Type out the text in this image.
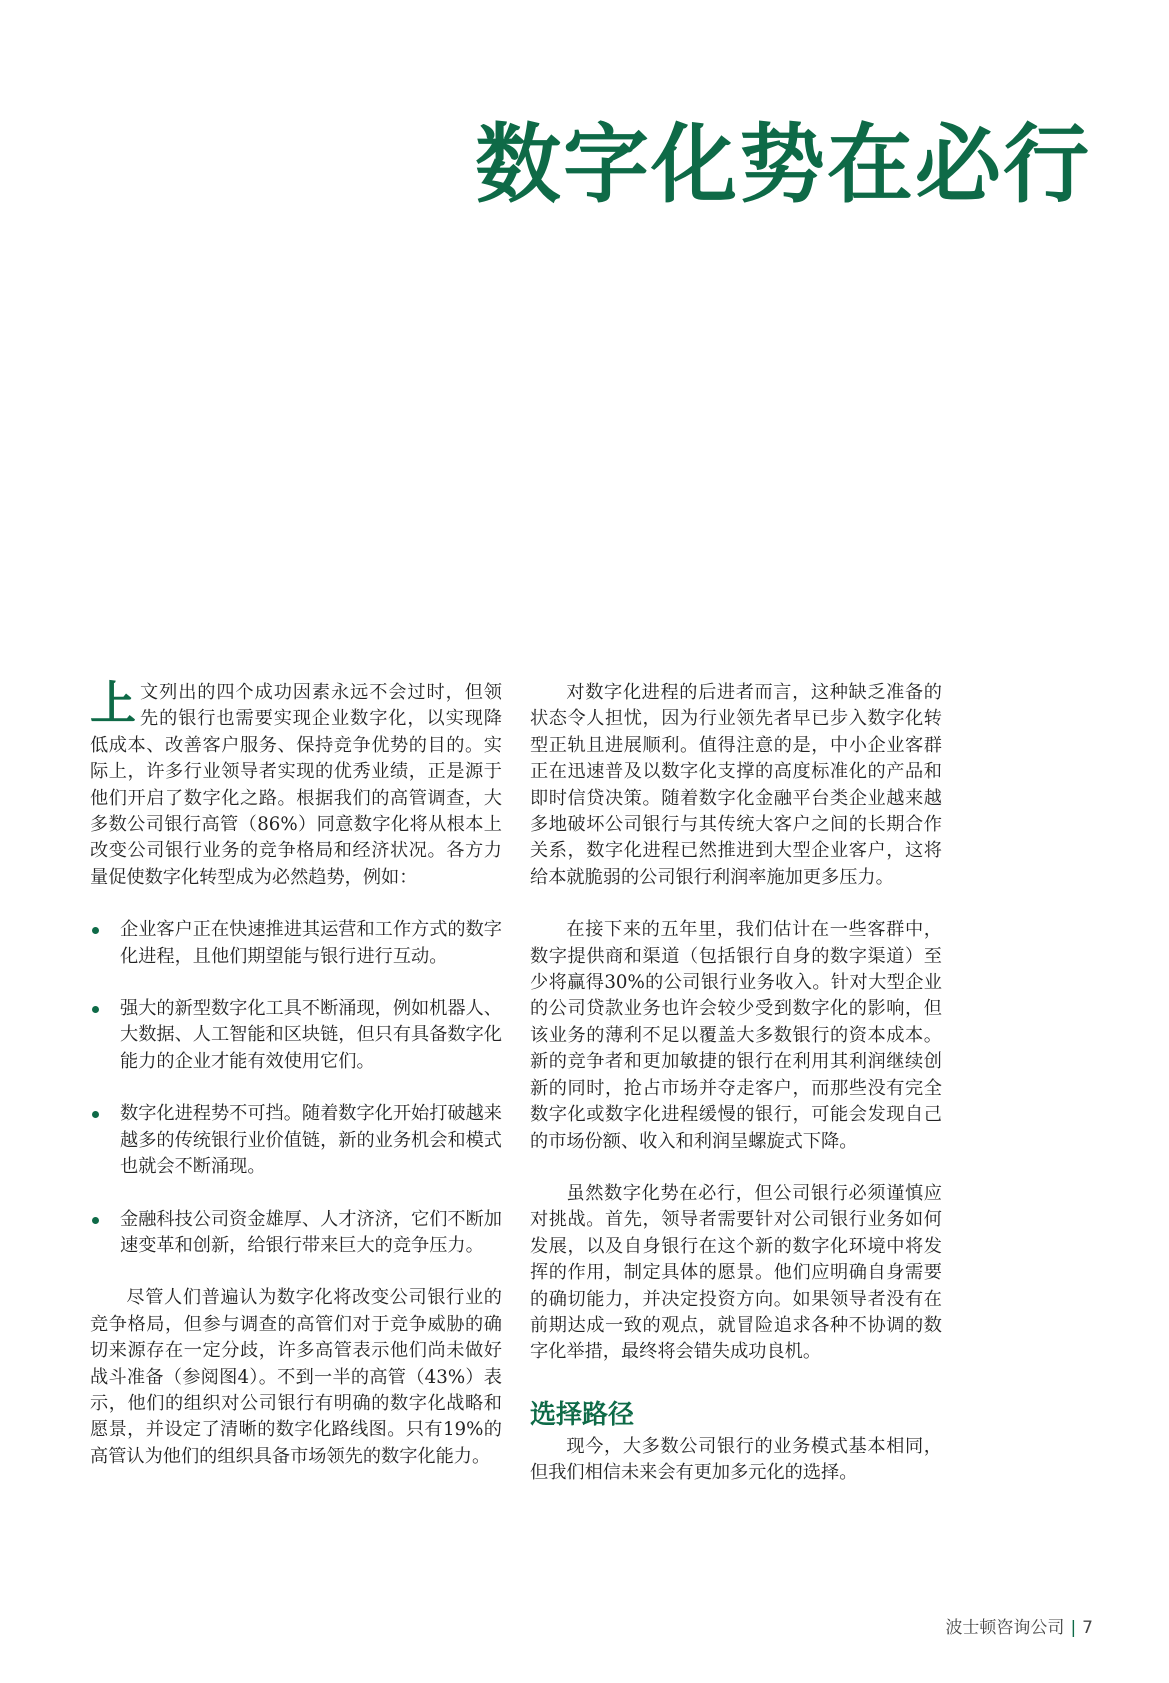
数字化势在必行

上文列出的四个成功因素永远不会过时，但领先的银行也需要实现企业数字化，以实现降低成本、改善客户服务、保持竞争优势的目的。实际上，许多行业领导者实现的优秀业绩，正是源于他们开启了数字化之路。根据我们的高管调查，大多数公司银行高管（86%）同意数字化将从根本上改变公司银行业务的竞争格局和经济状况。各方力量促使数字化转型成为必然趋势，例如：

企业客户正在快速推进其运营和工作方式的数字化进程，且他们期望能与银行进行互动。
强大的新型数字化工具不断涌现，例如机器人、大数据、人工智能和区块链，但只有具备数字化能力的企业才能有效使用它们。
数字化进程势不可挡。随着数字化开始打破越来越多的传统银行业价值链，新的业务机会和模式也就会不断涌现。
金融科技公司资金雄厚、人才济济，它们不断加速变革和创新，给银行带来巨大的竞争压力。

尽管人们普遍认为数字化将改变公司银行业的竞争格局，但参与调查的高管们对于竞争威胁的确切来源存在一定分歧，许多高管表示他们尚未做好战斗准备（参阅图4）。不到一半的高管（43%）表示，他们的组织对公司银行有明确的数字化战略和愿景，并设定了清晰的数字化路线图。只有19%的高管认为他们的组织具备市场领先的数字化能力。

对数字化进程的后进者而言，这种缺乏准备的状态令人担忧，因为行业领先者早已步入数字化转型正轨且进展顺利。值得注意的是，中小企业客群正在迅速普及以数字化支撑的高度标准化的产品和即时信贷决策。随着数字化金融平台类企业越来越多地破坏公司银行与其传统大客户之间的长期合作关系，数字化进程已然推进到大型企业客户，这将给本就脆弱的公司银行利润率施加更多压力。

在接下来的五年里，我们估计在一些客群中，数字提供商和渠道（包括银行自身的数字渠道）至少将赢得30%的公司银行业务收入。针对大型企业的公司贷款业务也许会较少受到数字化的影响，但该业务的薄利不足以覆盖大多数银行的资本成本。新的竞争者和更加敏捷的银行在利用其利润继续创新的同时，抢占市场并夺走客户，而那些没有完全数字化或数字化进程缓慢的银行，可能会发现自己的市场份额、收入和利润呈螺旋式下降。

虽然数字化势在必行，但公司银行必须谨慎应对挑战。首先，领导者需要针对公司银行业务如何发展，以及自身银行在这个新的数字化环境中将发挥的作用，制定具体的愿景。他们应明确自身需要的确切能力，并决定投资方向。如果领导者没有在前期达成一致的观点，就冒险追求各种不协调的数字化举措，最终将会错失成功良机。

选择路径

现今，大多数公司银行的业务模式基本相同，但我们相信未来会有更加多元化的选择。

波士顿咨询公司 | 7
